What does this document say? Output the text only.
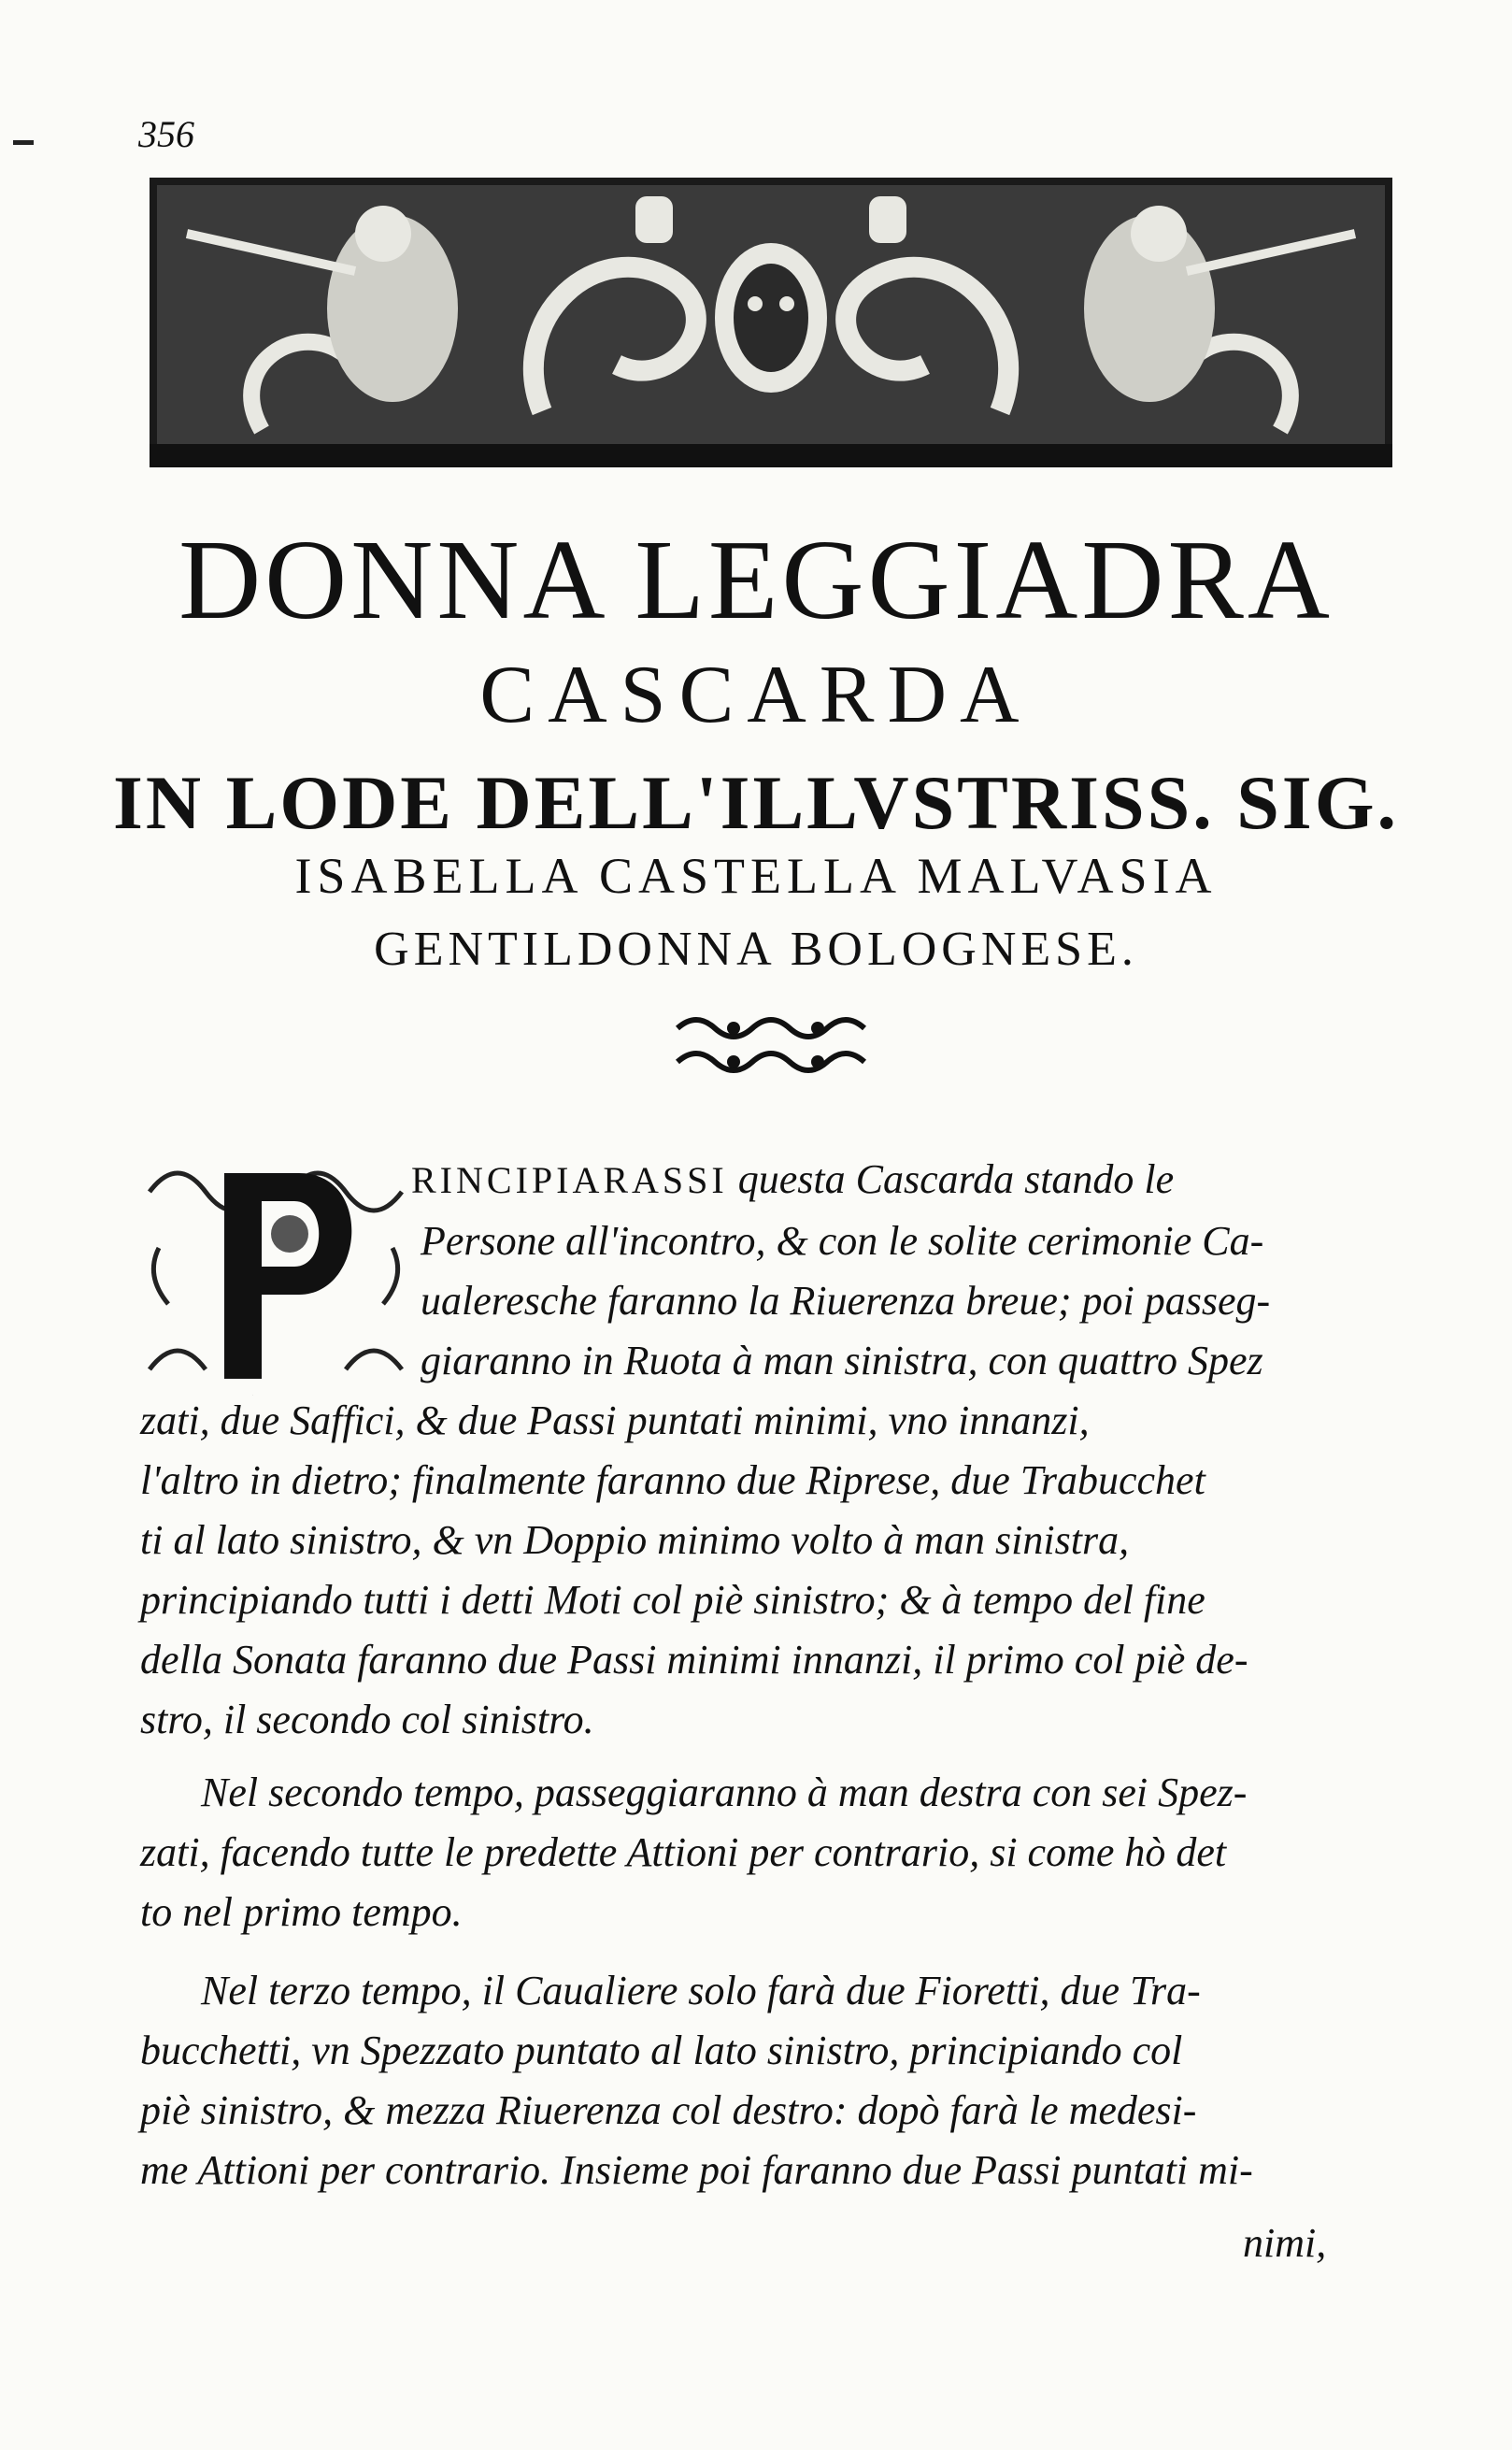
356
DONNA LEGGIADRA
CASCARDA
IN LODE DELL'ILLVSTRISS. SIG.
ISABELLA CASTELLA MALVASIA
GENTILDONNA BOLOGNESE.
P
RINCIPIARASSI questa Cascarda stando le
Persone all'incontro, & con le solite cerimonie Ca-
ualeresche faranno la Riuerenza breue; poi passeg-
giaranno in Ruota à man sinistra, con quattro Spez
zati, due Saffici, & due Passi puntati minimi, vno innanzi,
l'altro in dietro; finalmente faranno due Riprese, due Trabucchet
ti al lato sinistro, & vn Doppio minimo volto à man sinistra,
principiando tutti i detti Moti col piè sinistro; & à tempo del fine
della Sonata faranno due Passi minimi innanzi, il primo col piè de-
stro, il secondo col sinistro.
Nel secondo tempo, passeggiaranno à man destra con sei Spez-
zati, facendo tutte le predette Attioni per contrario, si come hò det
to nel primo tempo.
Nel terzo tempo, il Caualiere solo farà due Fioretti, due Tra-
bucchetti, vn Spezzato puntato al lato sinistro, principiando col
piè sinistro, & mezza Riuerenza col destro: dopò farà le medesi-
me Attioni per contrario. Insieme poi faranno due Passi puntati mi-
nimi,
